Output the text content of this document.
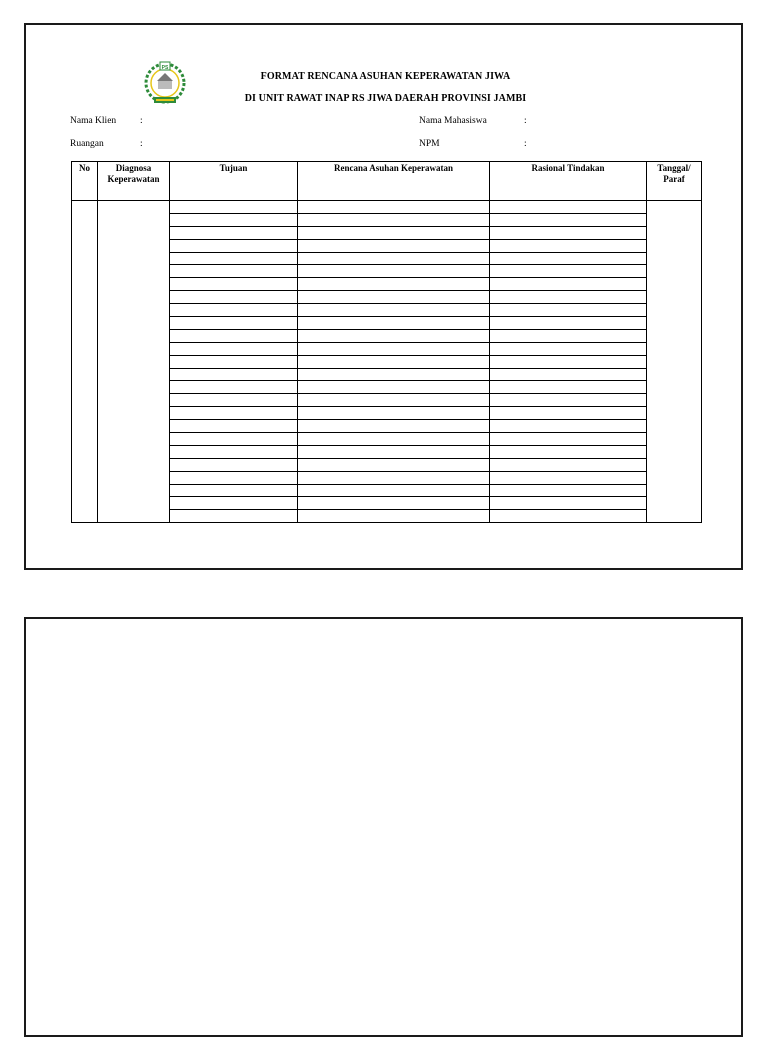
PS
FORMAT RENCANA ASUHAN KEPERAWATAN JIWA
DI UNIT RAWAT INAP RS JIWA DAERAH PROVINSI JAMBI
Nama Klien	:
Ruangan	:
Nama Mahasiswa	:
NPM	:
No	Diagnosa Keperawatan	Tujuan	Rencana Asuhan Keperawatan	Rasional Tindakan	Tanggal/ Paraf
